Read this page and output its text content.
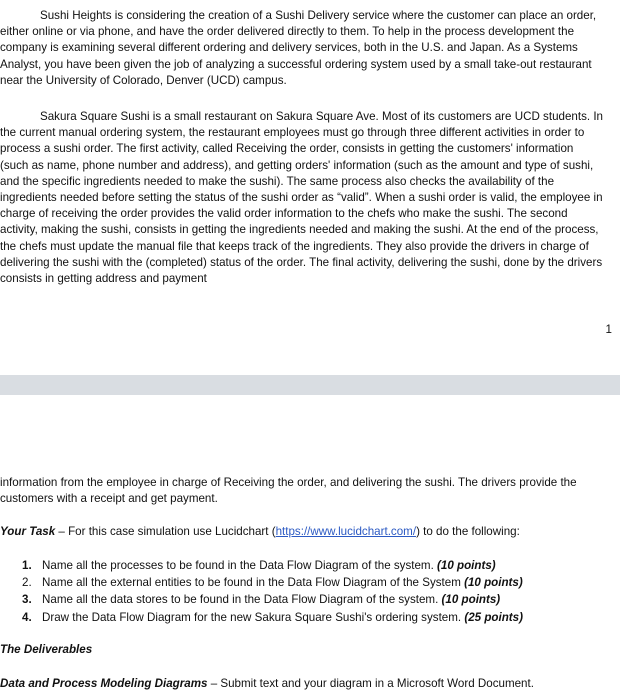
Sushi Heights is considering the creation of a Sushi Delivery service where the customer can place an order, either online or via phone, and have the order delivered directly to them. To help in the process development the company is examining several different ordering and delivery services, both in the U.S. and Japan. As a Systems Analyst, you have been given the job of analyzing a successful ordering system used by a small take-out restaurant near the University of Colorado, Denver (UCD) campus.

Sakura Square Sushi is a small restaurant on Sakura Square Ave. Most of its customers are UCD students. In the current manual ordering system, the restaurant employees must go through three different activities in order to process a sushi order. The first activity, called Receiving the order, consists in getting the customers' information (such as name, phone number and address), and getting orders' information (such as the amount and type of sushi, and the specific ingredients needed to make the sushi). The same process also checks the availability of the ingredients needed before setting the status of the sushi order as “valid”. When a sushi order is valid, the employee in charge of receiving the order provides the valid order information to the chefs who make the sushi. The second activity, making the sushi, consists in getting the ingredients needed and making the sushi. At the end of the process, the chefs must update the manual file that keeps track of the ingredients. They also provide the drivers in charge of delivering the sushi with the (completed) status of the order. The final activity, delivering the sushi, done by the drivers consists in getting address and payment

1

information from the employee in charge of Receiving the order, and delivering the sushi. The drivers provide the customers with a receipt and get payment.

Your Task – For this case simulation use Lucidchart (https://www.lucidchart.com/) to do the following:
1. Name all the processes to be found in the Data Flow Diagram of the system. (10 points)
2. Name all the external entities to be found in the Data Flow Diagram of the System (10 points)
3. Name all the data stores to be found in the Data Flow Diagram of the system. (10 points)
4. Draw the Data Flow Diagram for the new Sakura Square Sushi's ordering system. (25 points)
The Deliverables
Data and Process Modeling Diagrams – Submit text and your diagram in a Microsoft Word Document.
